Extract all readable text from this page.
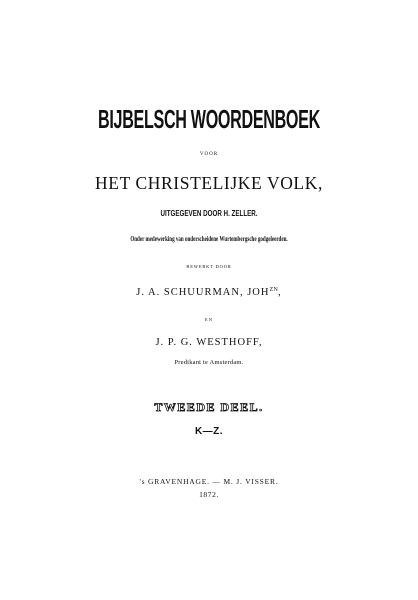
BIJBELSCH WOORDENBOEK
VOOR
HET CHRISTELIJKE VOLK,
UITGEGEVEN DOOR H. ZELLER.
Onder medewerking van onderscheidene Wurtembergsche godgeleerden.
BEWERKT DOOR
J. A. SCHUURMAN, $JOH^{ZN}$,
EN
J. P. G. WESTHOFF,
Predikant te Amsterdam.
TWEEDE DEEL.
K—Z.
's GRAVENHAGE. — M. J. VISSER.
1872.
